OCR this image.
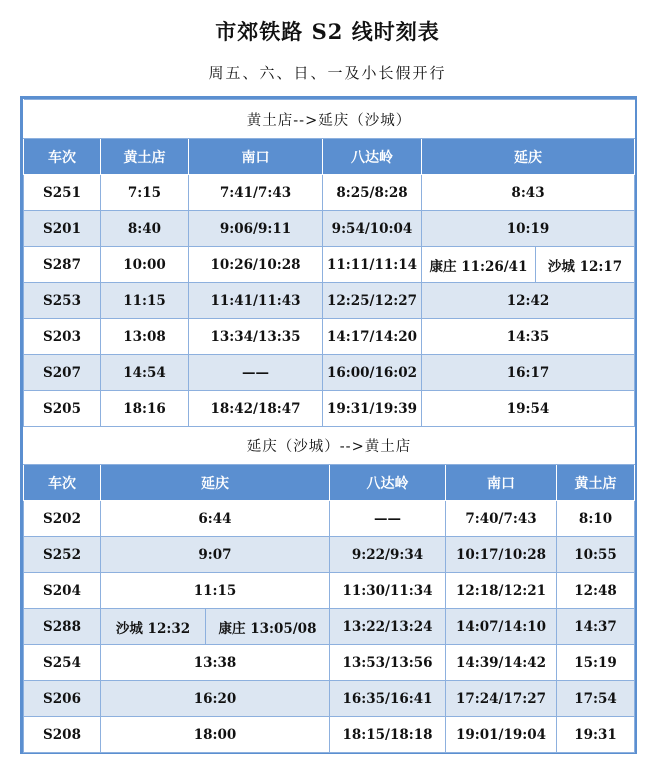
市郊铁路 S2 线时刻表
周五、六、日、一及小长假开行
黄土店-->延庆（沙城）					
车次	黄土店	南口	八达岭	延庆	
S251	7:15	7:41/7:43	8:25/8:28	8:43	
S201	8:40	9:06/9:11	9:54/10:04	10:19	
S287	10:00	10:26/10:28	11:11/11:14	康庄 11:26/41	沙城 12:17
S253	11:15	11:41/11:43	12:25/12:27	12:42	
S203	13:08	13:34/13:35	14:17/14:20	14:35	
S207	14:54	——	16:00/16:02	16:17	
S205	18:16	18:42/18:47	19:31/19:39	19:54	
延庆（沙城）-->黄土店					
车次	延庆		八达岭	南口	黄土店
S202	6:44		——	7:40/7:43	8:10
S252	9:07		9:22/9:34	10:17/10:28	10:55
S204	11:15		11:30/11:34	12:18/12:21	12:48
S288	沙城 12:32	康庄 13:05/08	13:22/13:24	14:07/14:10	14:37
S254	13:38		13:53/13:56	14:39/14:42	15:19
S206	16:20		16:35/16:41	17:24/17:27	17:54
S208	18:00		18:15/18:18	19:01/19:04	19:31
